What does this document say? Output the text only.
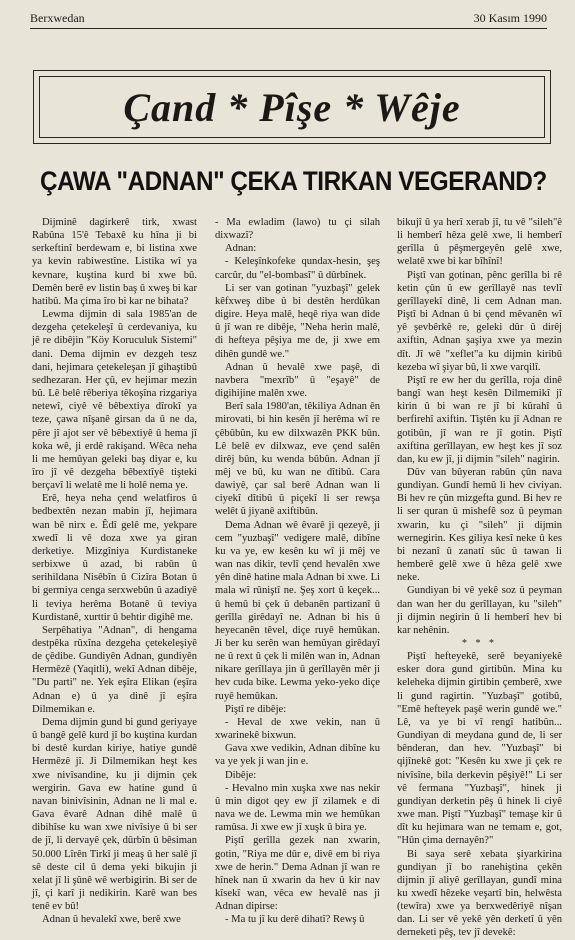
Berxwedan	30 Kasım 1990
Çand * Pîşe * Wêje
ÇAWA "ADNAN" ÇEKA TIRKAN VEGERAND?

Dijminê dagirkerê tirk, xwast Rabûna 15'ê Tebaxê ku hîna ji bi serkeftinî berdewam e, bi listina xwe ya kevin rabiwestîne. Listika wî ya kevnare, kuştina kurd bi xwe bû. Demên berê ev listin baş û xweş bi kar hatibû. Ma çima îro bi kar ne bihata?

Lewma dijmin di sala 1985'an de dezgeha çetekeleşî û cerdevaniya, ku jê re dibêjin "Köy Koruculuk Sistemi" dani. Dema dijmin ev dezgeh tesz dani, hejimara çetekeleşan jî gihaştibû sedhezaran. Her çû, ev hejimar mezin bû. Lê belê rêberiya têkoşîna rizgariya netewî, ciyê vê bêbextiya dîrokî ya teze, çawa nîşanê girsan da û ne da, pêre jî ajot ser vê bêbextiyê û hema jî koka wê, ji erdê rakişand. Wêca neha li me hemûyan geleki baş diyar e, ku îro jî vê dezgeha bêbextîyê tişteki berçavî li welatê me li holê nema ye.

Erê, heya neha çend welatfiros û bedbextên nezan mabin jî, hejimara wan bê nirx e. Êdî gelê me, yekpare xwedî li vê doza xwe ya giran derketiye. Mizgîniya Kurdistaneke serbixwe û azad, bi rabûn û serihildana Nisêbîn û Cizîra Botan û bi germiya cenga serxwebûn û azadiyê li teviya herêma Botanê û teviya Kurdistanê, xurttir û behtir digihê me.

Serpêhatiya "Adnan", di hengama destpêka rûxîna dezgeha çetekeleşiyê de çêdibe. Gundiyên Adnan, gundiyên Hermêzê (Yaqitli), wekî Adnan dibêje, "Du parti" ne. Yek eşîra Elikan (eşîra Adnan e) û ya dinê jî eşîra Dilmemikan e.

Dema dijmin gund bi gund geriyaye û bangê gelê kurd jî bo kuştina kurdan bi destê kurdan kiriye, hatiye gundê Hermêzê jî. Ji Dilmemikan heşt kes xwe nivîsandine, ku ji dijmin çek wergirin. Gava ew hatine gund û navan binivîsinin, Adnan ne li mal e. Gava êvarê Adnan dihê malê û dibihîse ku wan xwe nivîsiye û bi ser de jî, li dervayê çek, dûrbîn û bêsiman 50.000 Lîrên Tirkî ji meaş û her salê jî sê deste cil û dema yeki bikujin ji xelat jî li şûnê wê werbigirin. Bi ser de jî, çi karî ji nedikirin. Karê wan bes tenê ev bû!

Adnan û hevalekî xwe, berê xwe

- Ma ewladim (lawo) tu çi silah dixwazî?

Adnan:

- Keleşînkofeke qundax-hesin, şeş carcûr, du "el-bombasî" û dûrbînek.

Li ser van gotinan "yuzbaşî" gelek kêfxweş dibe û bi destên herdûkan digire. Heya malê, heqê riya wan dide û jî wan re dibêje, "Neha herin malê, di hefteya pêşiya me de, ji xwe em dihên gundê we."

Adnan û hevalê xwe paşê, di navbera "mexrîb" û "eşayê" de digihijine malên xwe.

Berî sala 1980'an, têkiliya Adnan ên mirovati, bi hin kesên jî herêma wî re çêbûbûn, ku ew dilxwazên PKK bûn. Lê belê ev dilxwaz, eve çend salên dirêj bûn, ku wenda bûbûn. Adnan jî mêj ve bû, ku wan ne dîtibû. Cara dawiyê, çar sal berê Adnan wan li ciyekî dîtibû û piçekî li ser rewşa welêt û jiyanê axiftibûn.

Dema Adnan wê êvarê ji qezeyê, ji cem "yuzbaşî" vedigere malê, dibîne ku va ye, ew kesên ku wî ji mêj ve wan nas dikir, tevlî çend hevalên xwe yên dinê hatine mala Adnan bi xwe. Li mala wî rûniştî ne. Şeş xort û keçek... û hemû bi çek û debanên partizanî û gerîlla girêdayî ne. Adnan bi his û heyecanên têvel, diçe ruyê hemûkan. Ji ber ku serên wan hemûyan girêdayî ne û rext û çek li milên wan in, Adnan nikare gerîllaya jin û gerîllayên mêr ji hev cuda bike. Lewma yeko-yeko diçe ruyê hemûkan.

Piştî re dibêje:

- Heval de xwe vekin, nan û xwarinekê bixwun.

Gava xwe vedikin, Adnan dibîne ku va ye yek ji wan jin e.

Dibêje:

- Hevalno min xuşka xwe nas nekir û min digot qey ew jî zilamek e di nava we de. Lewma min we hemûkan ramûsa. Ji xwe ew jî xuşk û bira ye.

Piştî gerîlla gezek nan xwarin, gotin, "Riya me dûr e, divê em bi riya xwe de herin." Dema Adnan jî wan re hînek nan û xwarin da hev û kir nav kîsekî wan, vêca ew hevalê nas ji Adnan dipirse:

- Ma tu jî ku derê dihatî? Rewş û

bikujî û ya herî xerab jî, tu vê "sileh"ê li hemberî hêza gelê xwe, li hemberî gerîlla û pêşmergeyên gelê xwe, welatê xwe bi kar bîhînî!

Piştî van gotinan, pênc gerîlla bi rê ketin çûn û ew gerîllayê nas tevlî gerîllayekî dinê, li cem Adnan man. Piştî bi Adnan û bi çend mêvanên wî yê şevbêrkê re, geleki dûr û dirêj axiftin, Adnan şaşiya xwe ya mezin dît. Jî wê "xeflet"a ku dijmin kiribû kezeba wî şiyar bû, li xwe varqilî.

Piştî re ew her du gerîlla, roja dinê bangî wan heşt kesên Dilmemikî jî kirin û bi wan re jî bi kûrahî û berfirehî axiftin. Tiştên ku jî Adnan re gotibûn, jî wan re jî gotin. Piştî axiftina gerîllayan, ew heşt kes jî soz dan, ku ew jî, ji dijmin "sileh" nagirin.

Dûv van bûyeran rabûn çûn nava gundiyan. Gundî hemû li hev civiyan. Bi hev re çûn mizgefta gund. Bi hev re li ser quran û mishefê soz û peyman xwarin, ku çi "sileh" ji dijmin wernegirin. Kes giliya kesî neke û kes bi nezanî û zanatî sûc û tawan li hemberê gelê xwe û hêza gelê xwe neke.

Gundiyan bi vê yekê soz û peyman dan wan her du gerîllayan, ku "sileh" ji dijmin negirin û li hemberî hev bi kar nehênin.

* * *

Piştî hefteyekê, serê beyaniyekê esker dora gund girtibûn. Mina ku keleheka dijmin girtibin çemberê, xwe li gund ragirtin. "Yuzbaşî" gotibû, "Emê hefteyek paşê werin gundê we." Lê, va ye bi vî rengî hatibûn... Gundiyan di meydana gund de, li ser bênderan, dan hev. "Yuzbaşî" bi qijînekê got: "Kesên ku xwe ji çek re nivîsîne, bila derkevin pêşiyê!" Li ser vê fermana "Yuzbaşî", hinek ji gundiyan derketin pêş û hinek li ciyê xwe man. Piştî "Yuzbaşî" temaşe kir û dît ku hejimara wan ne temam e, got, "Hûn çima dernayên?"

Bi saya serê xebata şiyarkirina gundiyan jî bo ranehiştina çekên dijmin jî aliyê gerîllayan, gundî mina ku xwedî hêzeke veşartî bin, helwêsta (tewîra) xwe ya berxwedêriyê nîşan dan. Li ser vê yekê yên derketî û yên derneketi pêş, tev jî devekê:
